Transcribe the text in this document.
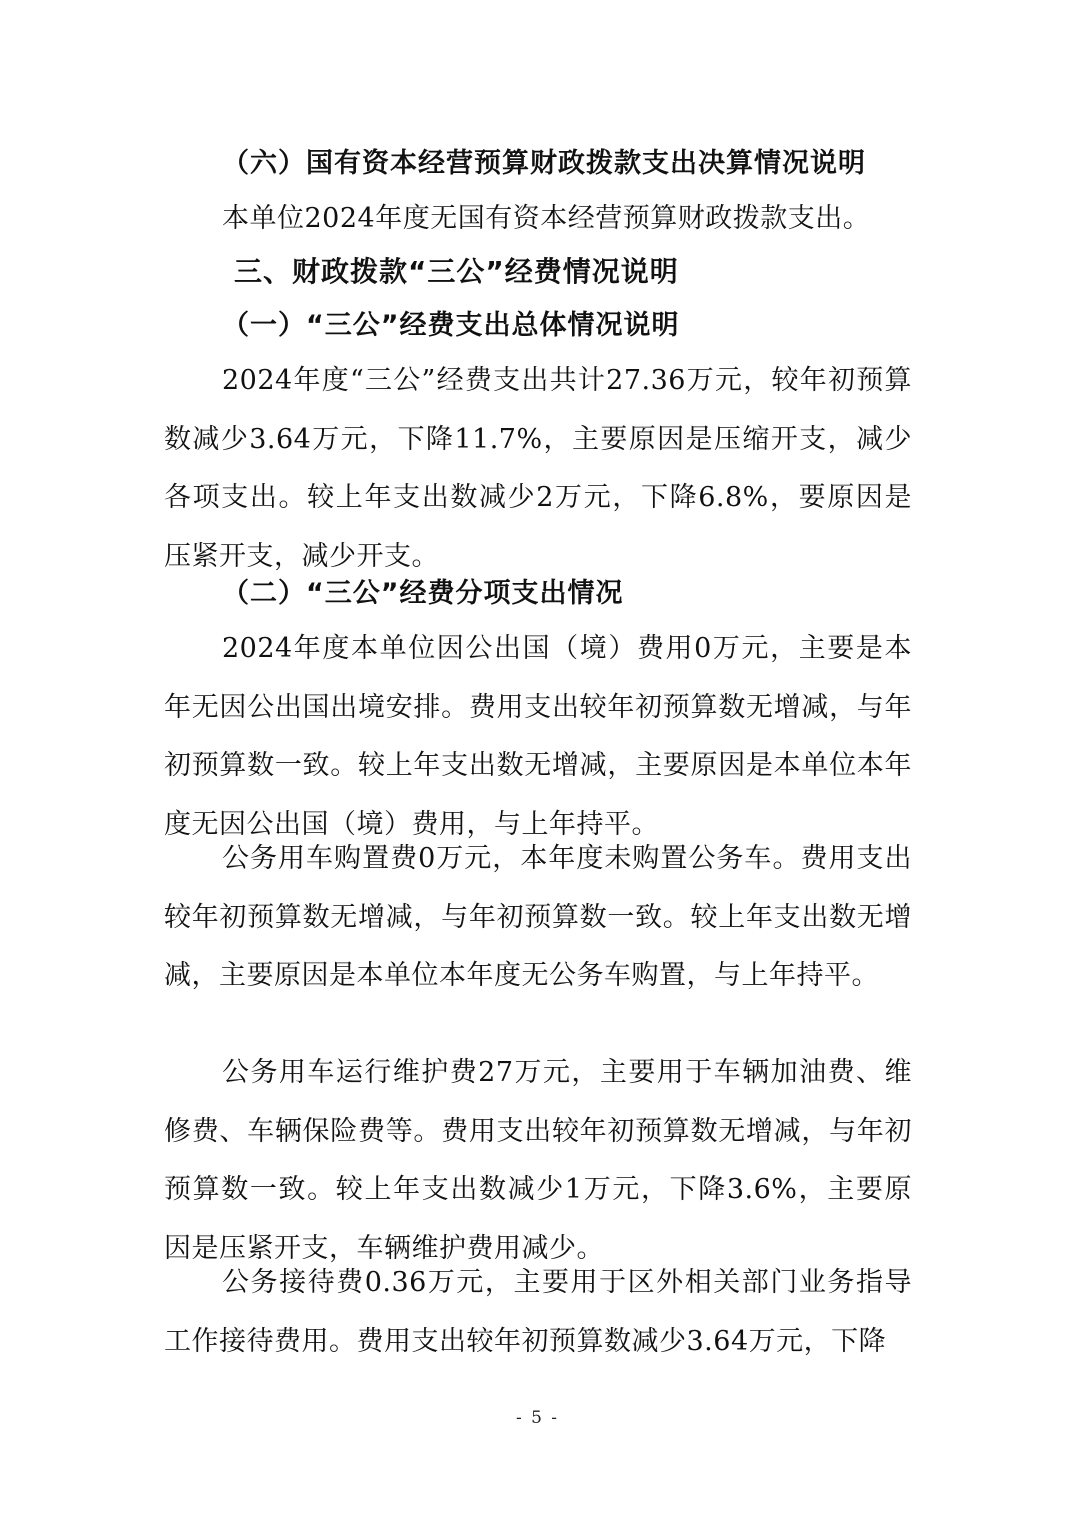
（六）国有资本经营预算财政拨款支出决算情况说明

本单位2024年度无国有资本经营预算财政拨款支出。

三、财政拨款“三公”经费情况说明

（一）“三公”经费支出总体情况说明

2024年度“三公”经费支出共计27.36万元，较年初预算数减少3.64万元，下降11.7%，主要原因是压缩开支，减少各项支出。较上年支出数减少2万元，下降6.8%，要原因是压紧开支，减少开支。

（二）“三公”经费分项支出情况

2024年度本单位因公出国（境）费用0万元，主要是本年无因公出国出境安排。费用支出较年初预算数无增减，与年初预算数一致。较上年支出数无增减，主要原因是本单位本年度无因公出国（境）费用，与上年持平。

公务用车购置费0万元，本年度未购置公务车。费用支出较年初预算数无增减，与年初预算数一致。较上年支出数无增减，主要原因是本单位本年度无公务车购置，与上年持平。

公务用车运行维护费27万元，主要用于车辆加油费、维修费、车辆保险费等。费用支出较年初预算数无增减，与年初预算数一致。较上年支出数减少1万元，下降3.6%，主要原因是压紧开支，车辆维护费用减少。

公务接待费0.36万元，主要用于区外相关部门业务指导工作接待费用。费用支出较年初预算数减少3.64万元，下降

- 5 -
